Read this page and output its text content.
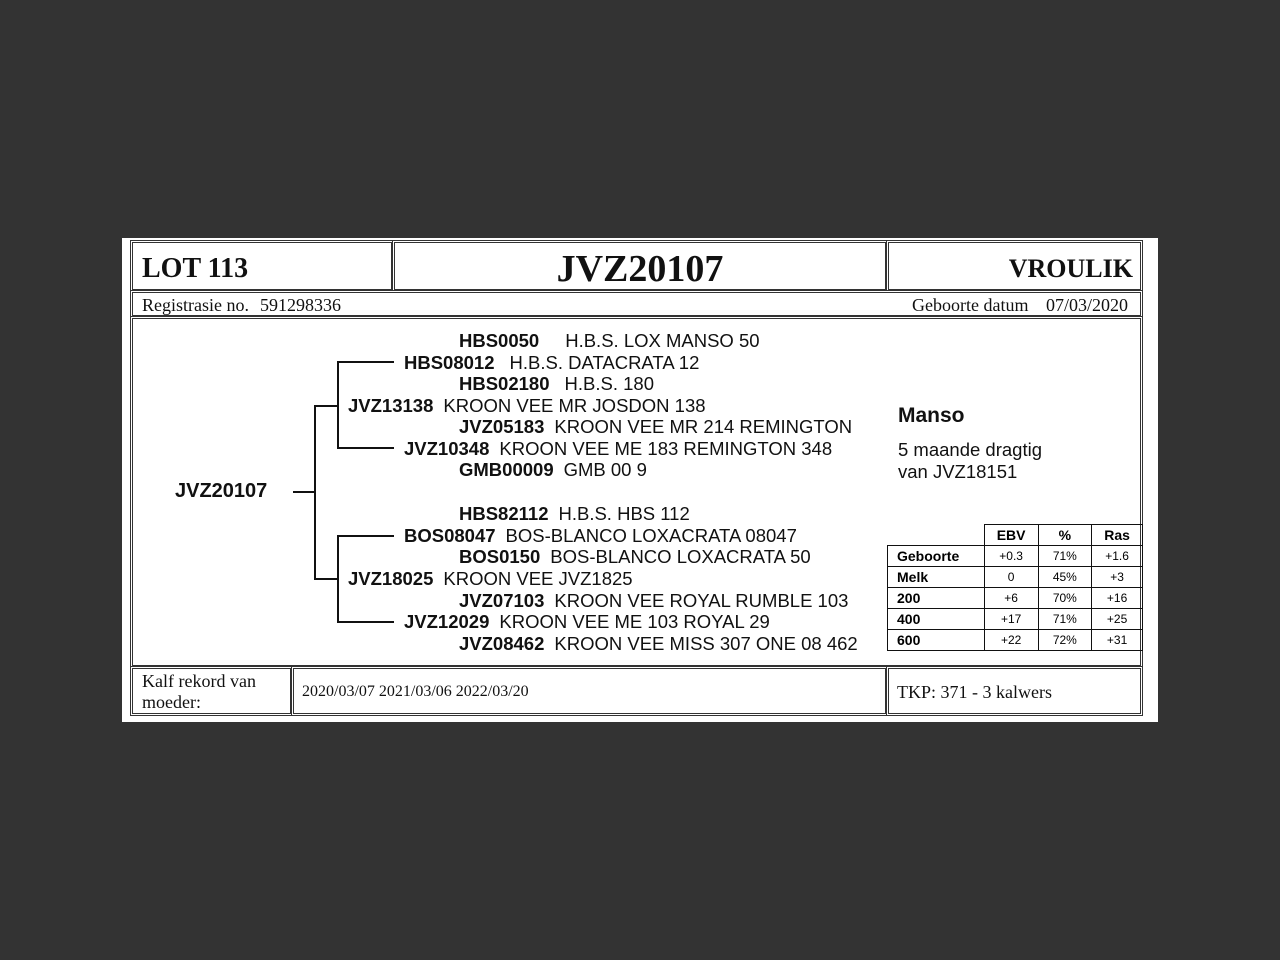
LOT 113	JVZ20107	VROULIK
Registrasie no. 591298336	Geboorte datum 07/03/2020
JVZ20107
HBS0050 H.B.S. LOX MANSO 50
HBS08012 H.B.S. DATACRATA 12
HBS02180 H.B.S. 180
JVZ13138 KROON VEE MR JOSDON 138
JVZ05183 KROON VEE MR 214 REMINGTON
JVZ10348 KROON VEE ME 183 REMINGTON 348
GMB00009 GMB 00 9
HBS82112 H.B.S. HBS 112
BOS08047 BOS-BLANCO LOXACRATA 08047
BOS0150 BOS-BLANCO LOXACRATA 50
JVZ18025 KROON VEE JVZ1825
JVZ07103 KROON VEE ROYAL RUMBLE 103
JVZ12029 KROON VEE ME 103 ROYAL 29
JVZ08462 KROON VEE MISS 307 ONE 08 462
Manso
5 maande dragtig
van JVZ18151
	EBV	%	Ras
Geboorte	+0.3	71%	+1.6
Melk	0	45%	+3
200	+6	70%	+16
400	+17	71%	+25
600	+22	72%	+31
Kalf rekord van
moeder:
2020/03/07 2021/03/06 2022/03/20	TKP: 371 - 3 kalwers
